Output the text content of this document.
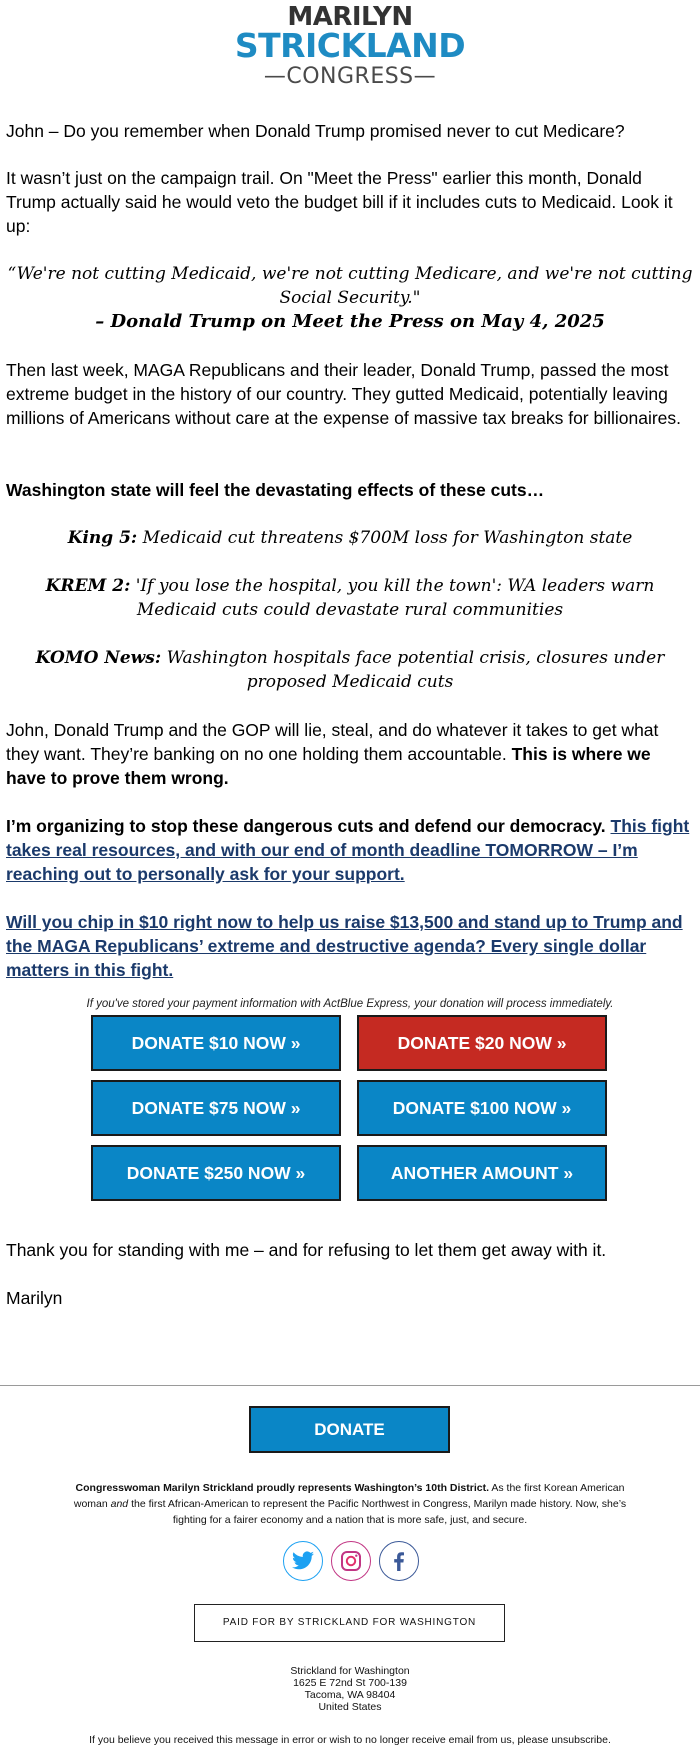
MARILYN
STRICKLAND
—CONGRESS—

John – Do you remember when Donald Trump promised never to cut Medicare?

It wasn’t just on the campaign trail. On "Meet the Press" earlier this month, Donald Trump actually said he would veto the budget bill if it includes cuts to Medicaid. Look it up:

“We're not cutting Medicaid, we're not cutting Medicare, and we're not cutting Social Security."

– Donald Trump on Meet the Press on May 4, 2025

Then last week, MAGA Republicans and their leader, Donald Trump, passed the most extreme budget in the history of our country. They gutted Medicaid, potentially leaving millions of Americans without care at the expense of massive tax breaks for billionaires.

Washington state will feel the devastating effects of these cuts…

King 5: Medicaid cut threatens $700M loss for Washington state

KREM 2: 'If you lose the hospital, you kill the town': WA leaders warn Medicaid cuts could devastate rural communities

KOMO News: Washington hospitals face potential crisis, closures under proposed Medicaid cuts

John, Donald Trump and the GOP will lie, steal, and do whatever it takes to get what they want. They’re banking on no one holding them accountable. This is where we have to prove them wrong.

I’m organizing to stop these dangerous cuts and defend our democracy. This fight takes real resources, and with our end of month deadline TOMORROW – I’m reaching out to personally ask for your support.

Will you chip in $10 right now to help us raise $13,500 and stand up to Trump and the MAGA Republicans’ extreme and destructive agenda? Every single dollar matters in this fight.

If you've stored your payment information with ActBlue Express, your donation will process immediately.
DONATE $10 NOW »	DONATE $20 NOW »
DONATE $75 NOW »	DONATE $100 NOW »
DONATE $250 NOW »	ANOTHER AMOUNT »

Thank you for standing with me – and for refusing to let them get away with it.

Marilyn

DONATE
Congresswoman Marilyn Strickland proudly represents Washington’s 10th District. As the first Korean American woman and the first African-American to represent the Pacific Northwest in Congress, Marilyn made history. Now, she’s fighting for a fairer economy and a nation that is more safe, just, and secure.
PAID FOR BY STRICKLAND FOR WASHINGTON
Strickland for Washington
1625 E 72nd St 700-139
Tacoma, WA 98404
United States
If you believe you received this message in error or wish to no longer receive email from us, please unsubscribe.
